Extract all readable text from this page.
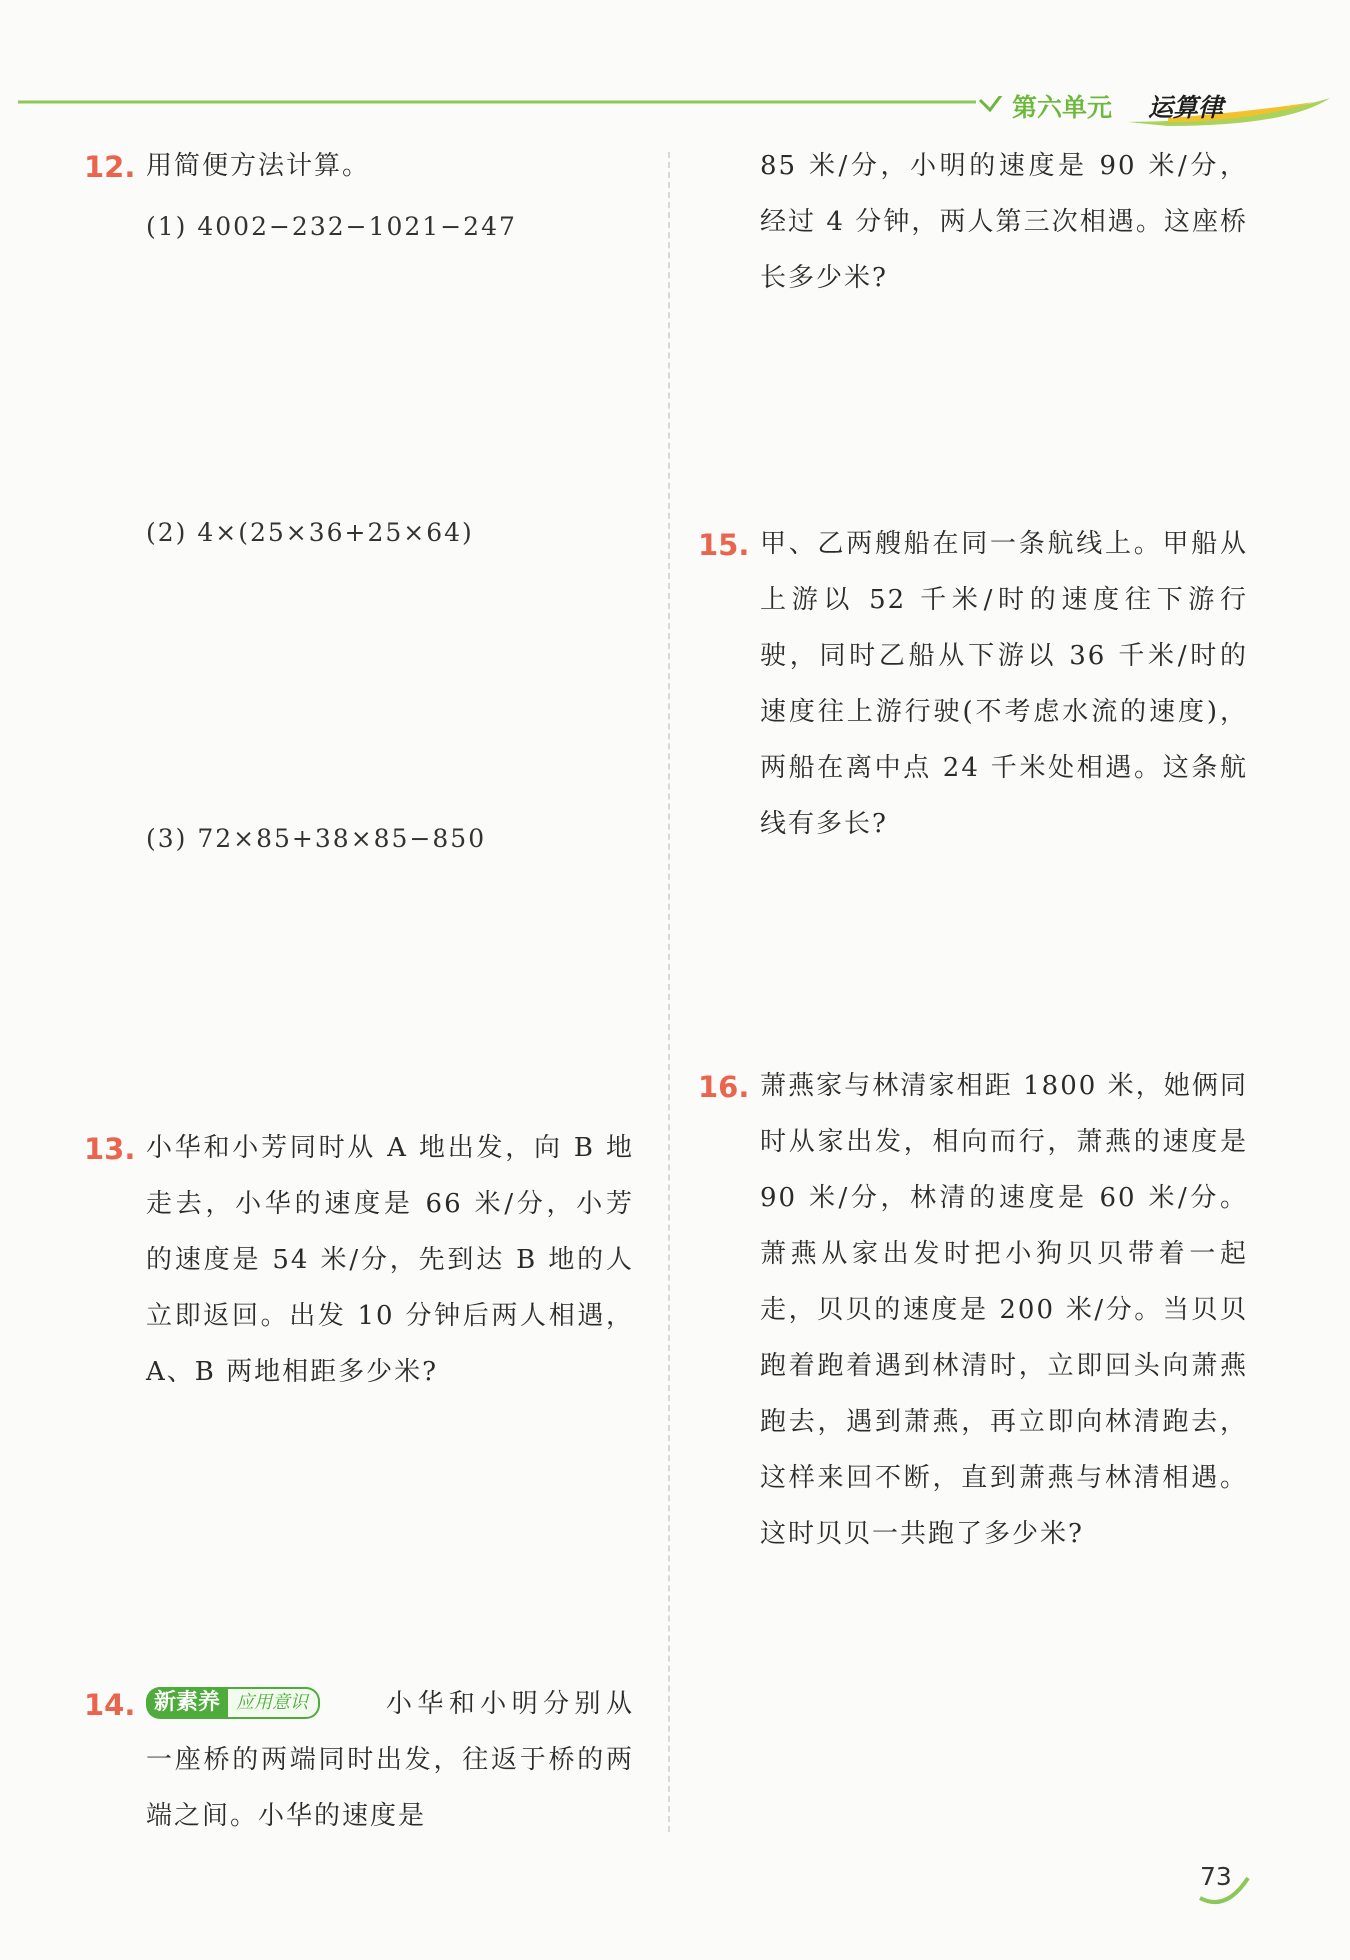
第六单元 运算律
12. 用简便方法计算。

(1) 4002−232−1021−247
(2) 4×(25×36+25×64)
(3) 72×85+38×85−850
13. 小华和小芳同时从 A 地出发，向 B 地走去，小华的速度是 66 米/分，小芳的速度是 54 米/分，先到达 B 地的人立即返回。出发 10 分钟后两人相遇，A、B 两地相距多少米?

14. 新素养 应用意识	小华和小明分别从一座桥的两端同时出发，往返于桥的两端之间。小华的速度是

85 米/分，小明的速度是 90 米/分，经过 4 分钟，两人第三次相遇。这座桥长多少米?

15. 甲、乙两艘船在同一条航线上。甲船从上游以 52 千米/时的速度往下游行驶，同时乙船从下游以 36 千米/时的速度往上游行驶(不考虑水流的速度)，两船在离中点 24 千米处相遇。这条航线有多长?

16. 萧燕家与林清家相距 1800 米，她俩同时从家出发，相向而行，萧燕的速度是 90 米/分，林清的速度是 60 米/分。萧燕从家出发时把小狗贝贝带着一起走，贝贝的速度是 200 米/分。当贝贝跑着跑着遇到林清时，立即回头向萧燕跑去，遇到萧燕，再立即向林清跑去，这样来回不断，直到萧燕与林清相遇。这时贝贝一共跑了多少米?

73
